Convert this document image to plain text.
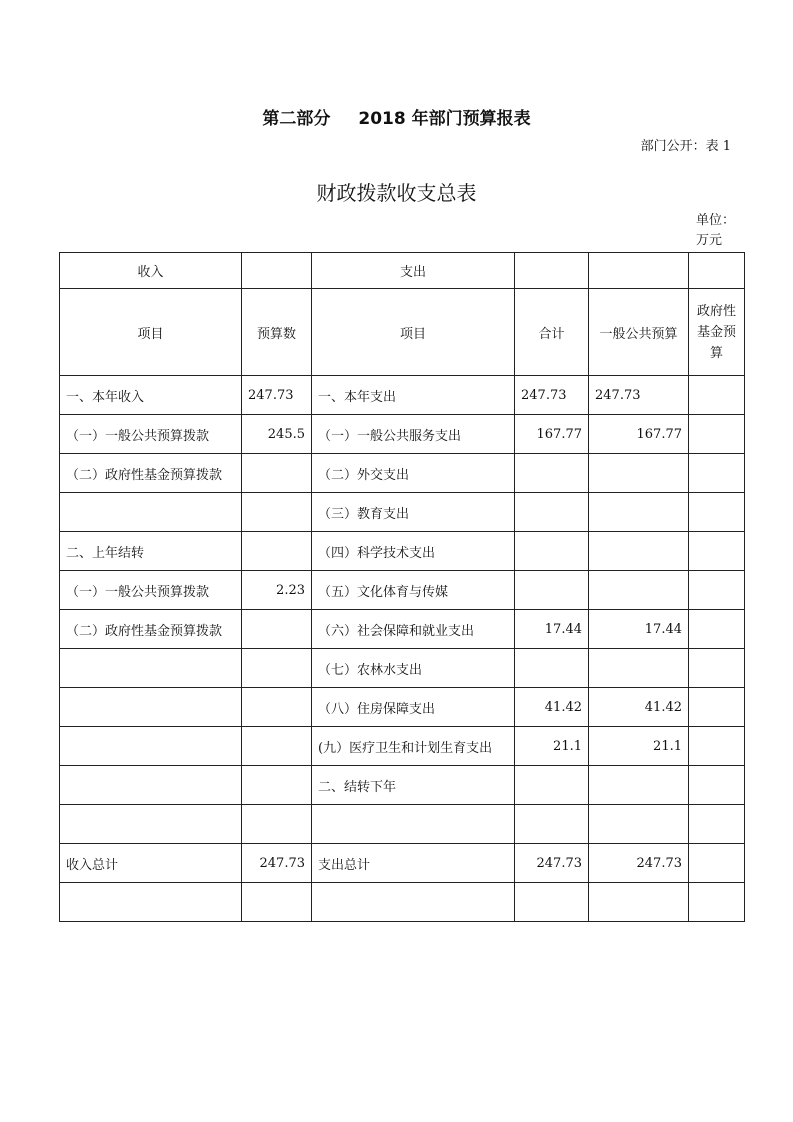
第二部分 2018 年部门预算报表
部门公开：表 1
财政拨款收支总表
单位：
万元
收入		支出			
项目	预算数	项目	合计	一般公共预算	政府性基金预算
一、本年收入	247.73	一、本年支出	247.73	247.73	
（一）一般公共预算拨款	245.5	（一）一般公共服务支出	167.77	167.77	
（二）政府性基金预算拨款		（二）外交支出			
		（三）教育支出			
二、上年结转		（四）科学技术支出			
（一）一般公共预算拨款	2.23	（五）文化体育与传媒			
（二）政府性基金预算拨款		（六）社会保障和就业支出	17.44	17.44	
		（七）农林水支出			
		（八）住房保障支出	41.42	41.42	
		(九）医疗卫生和计划生育支出	21.1	21.1	
		二、结转下年			

收入总计	247.73	支出总计	247.73	247.73	
